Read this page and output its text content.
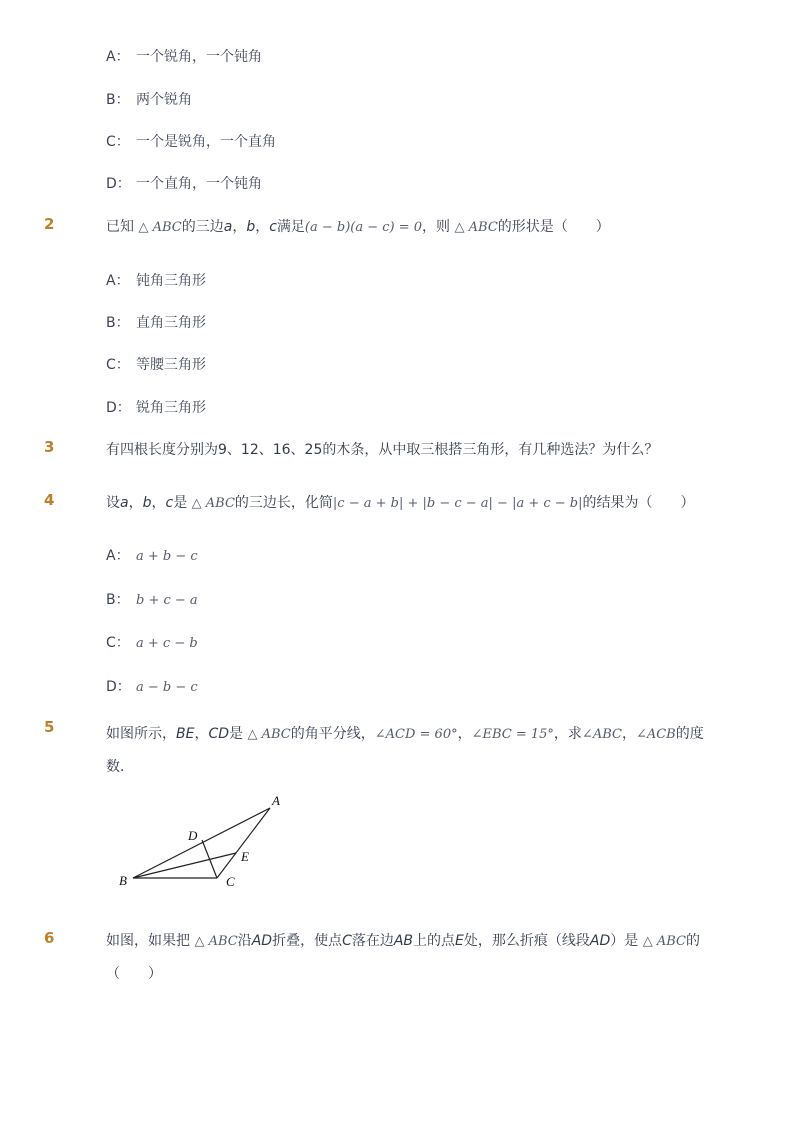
A： 一个锐角，一个钝角
B： 两个锐角
C： 一个是锐角，一个直角
D： 一个直角，一个钝角
2	已知 △ ABC的三边a，b，c满足(a − b)(a − c) = 0，则 △ ABC的形状是（　　）
A： 钝角三角形
B： 直角三角形
C： 等腰三角形
D： 锐角三角形
3	有四根长度分别为9、12、16、25的木条，从中取三根搭三角形，有几种选法？为什么？
4	设a，b，c是 △ ABC的三边长，化简|c − a + b| + |b − c − a| − |a + c − b|的结果为（　　）
A： a + b − c
B： b + c − a
C： a + c − b
D： a − b − c
5	如图所示，BE，CD是 △ ABC的角平分线，∠ACD = 60°，∠EBC = 15°，求∠ABC，∠ACB的度
数．
A
B	C
D
E
6	如图，如果把 △ ABC沿AD折叠，使点C落在边AB上的点E处，那么折痕（线段AD）是 △ ABC的
（　　）
